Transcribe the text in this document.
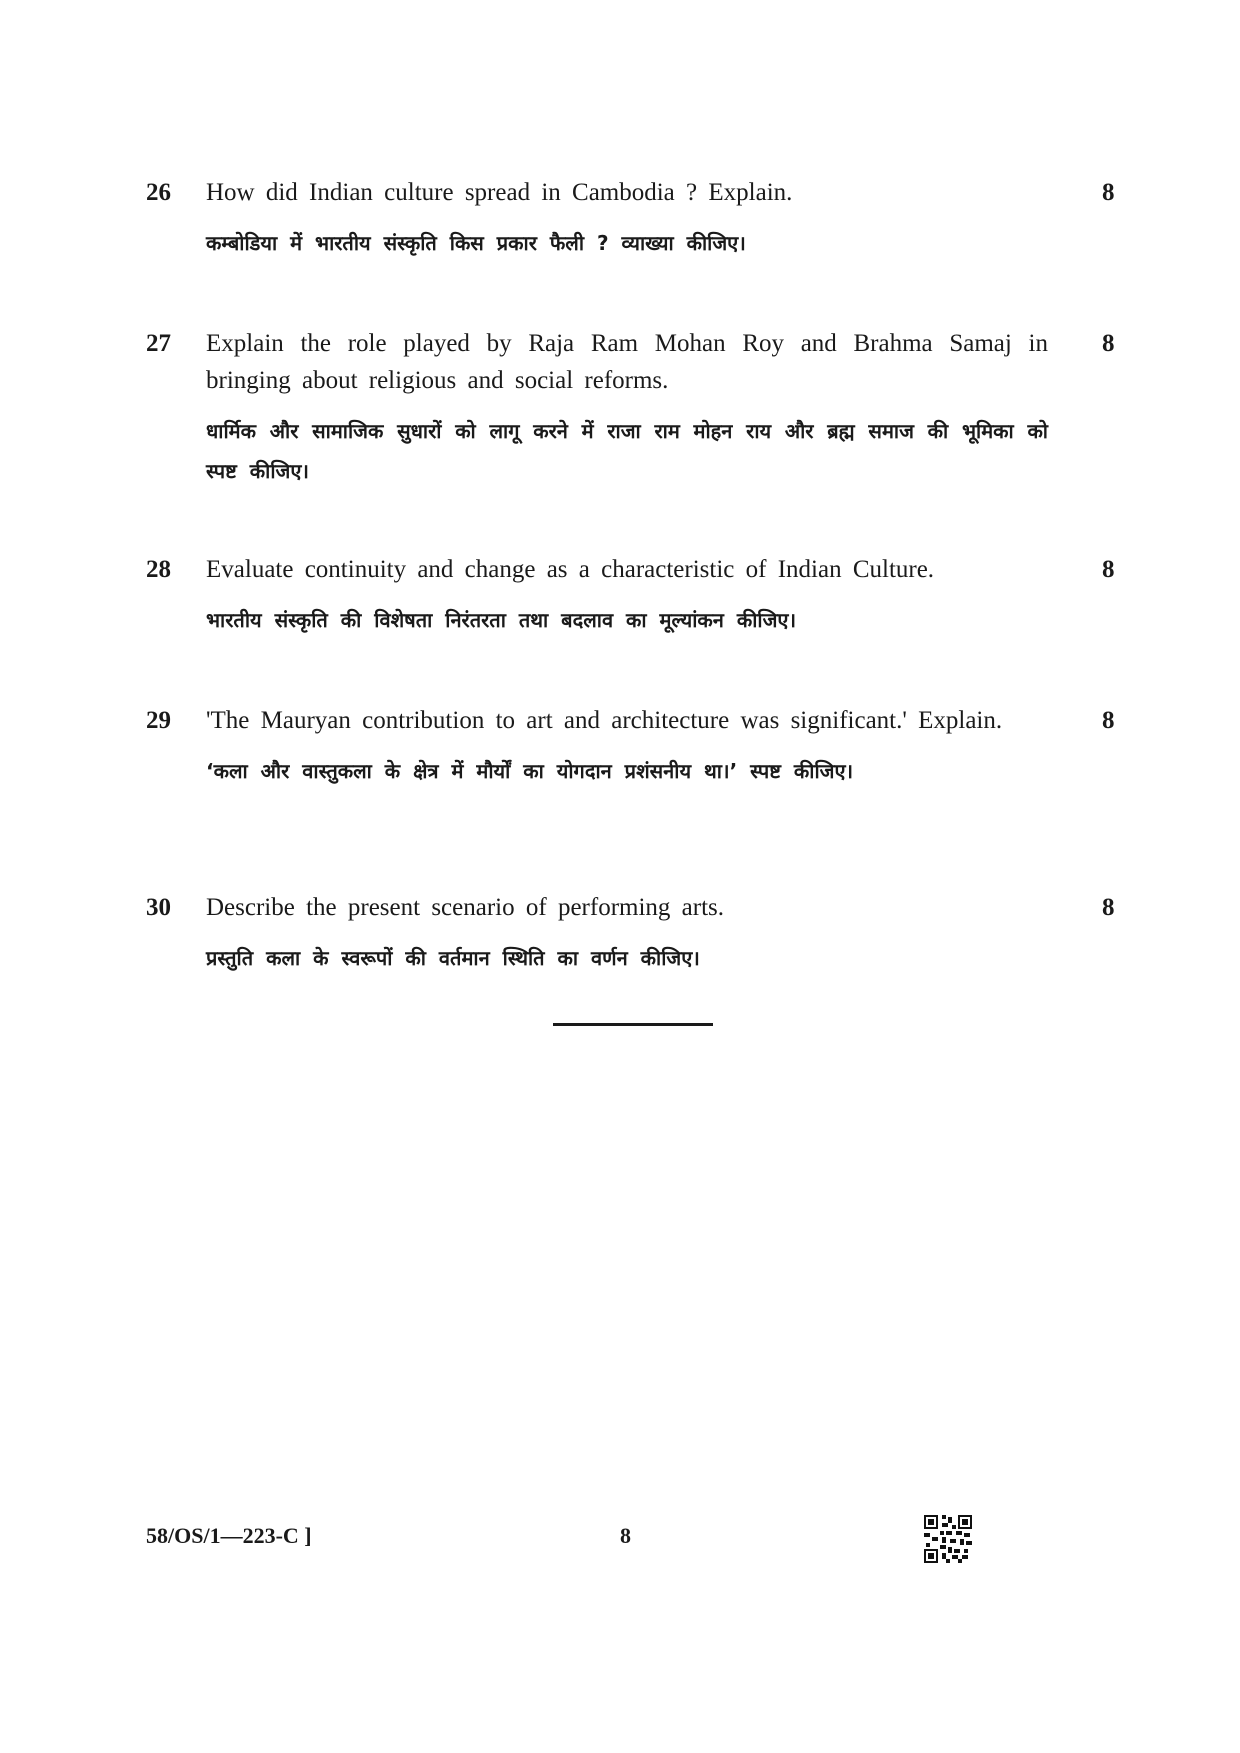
26 How did Indian culture spread in Cambodia ? Explain.
कम्बोडिया में भारतीय संस्कृति किस प्रकार फैली ? व्याख्या कीजिए।
8
27 Explain the role played by Raja Ram Mohan Roy and Brahma Samaj in bringing about religious and social reforms.
धार्मिक और सामाजिक सुधारों को लागू करने में राजा राम मोहन राय और ब्रह्म समाज की भूमिका को स्पष्ट कीजिए।
8
28 Evaluate continuity and change as a characteristic of Indian Culture.
भारतीय संस्कृति की विशेषता निरंतरता तथा बदलाव का मूल्यांकन कीजिए।
8
'The Mauryan contribution to art and architecture was significant.' Explain.
‘कला और वास्तुकला के क्षेत्र में मौर्यों का योगदान प्रशंसनीय था।’ स्पष्ट कीजिए।
29	8
30 Describe the present scenario of performing arts.
प्रस्तुति कला के स्वरूपों की वर्तमान स्थिति का वर्णन कीजिए।
8
58/OS/1—223-C ]	8
